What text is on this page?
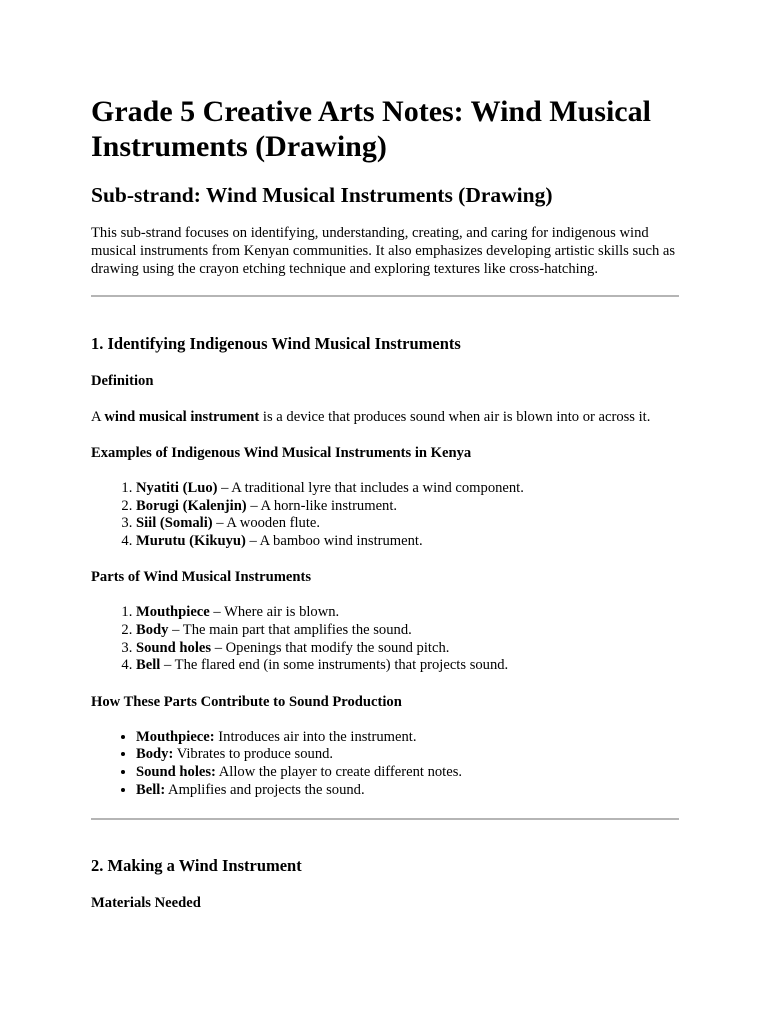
Grade 5 Creative Arts Notes: Wind Musical Instruments (Drawing)
Sub-strand: Wind Musical Instruments (Drawing)

This sub-strand focuses on identifying, understanding, creating, and caring for indigenous wind musical instruments from Kenyan communities. It also emphasizes developing artistic skills such as drawing using the crayon etching technique and exploring textures like cross-hatching.

1. Identifying Indigenous Wind Musical Instruments
Definition

A wind musical instrument is a device that produces sound when air is blown into or across it.

Examples of Indigenous Wind Musical Instruments in Kenya
1. Nyatiti (Luo) – A traditional lyre that includes a wind component.
2. Borugi (Kalenjin) – A horn-like instrument.
3. Siil (Somali) – A wooden flute.
4. Murutu (Kikuyu) – A bamboo wind instrument.
Parts of Wind Musical Instruments
1. Mouthpiece – Where air is blown.
2. Body – The main part that amplifies the sound.
3. Sound holes – Openings that modify the sound pitch.
4. Bell – The flared end (in some instruments) that projects sound.
How These Parts Contribute to Sound Production
• Mouthpiece: Introduces air into the instrument.
• Body: Vibrates to produce sound.
• Sound holes: Allow the player to create different notes.
• Bell: Amplifies and projects the sound.
2. Making a Wind Instrument
Materials Needed
